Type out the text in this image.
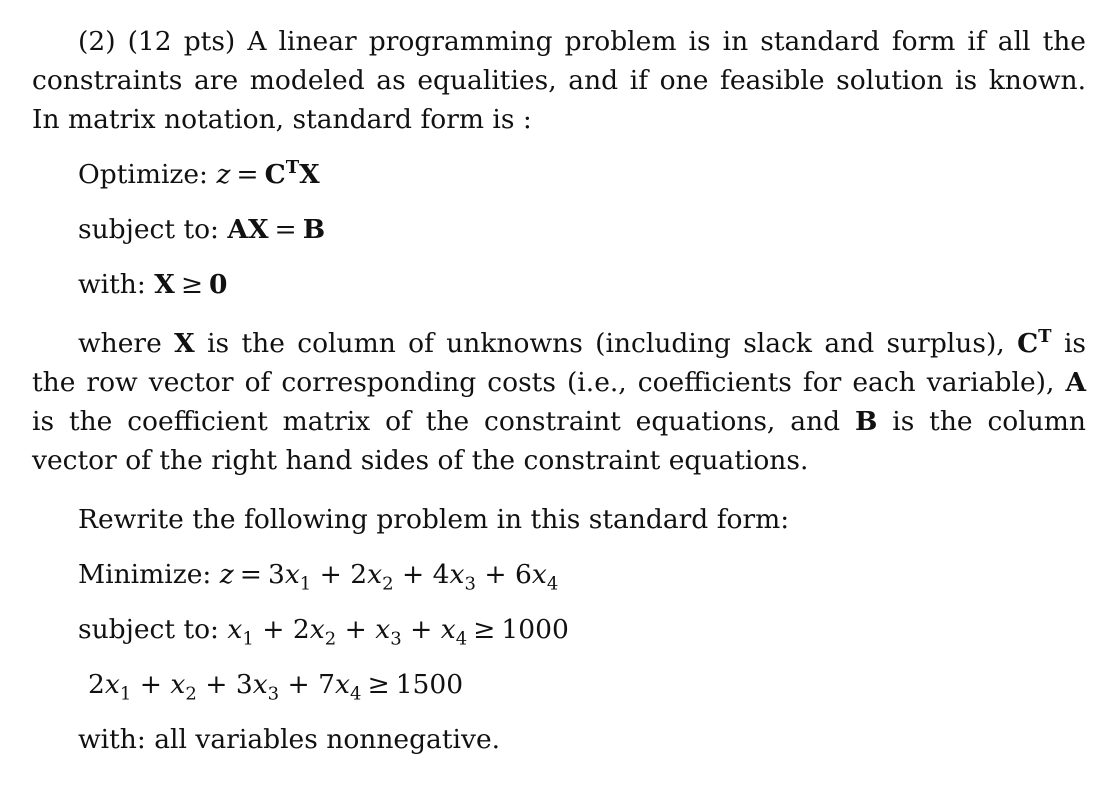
(2) (12 pts) A linear programming problem is in standard form if all the constraints are modeled as equalities, and if one feasible solution is known. In matrix notation, standard form is :

Optimize: $z = C^TX$

subject to: AX = B

with: X ≥ 0

where X is the column of unknowns (including slack and surplus), $C^T$ is the row vector of corresponding costs (i.e., coefficients for each variable), A is the coefficient matrix of the constraint equations, and B is the column vector of the right hand sides of the constraint equations.

Rewrite the following problem in this standard form:

Minimize: $z = 3x_1 + 2x_2 + 4x_3 + 6x_4$

subject to: $x_1 + 2x_2 + x_3 + x_4 \ge 1000$

$2x_1 + x_2 + 3x_3 + 7x_4 \ge 1500$

with: all variables nonnegative.
